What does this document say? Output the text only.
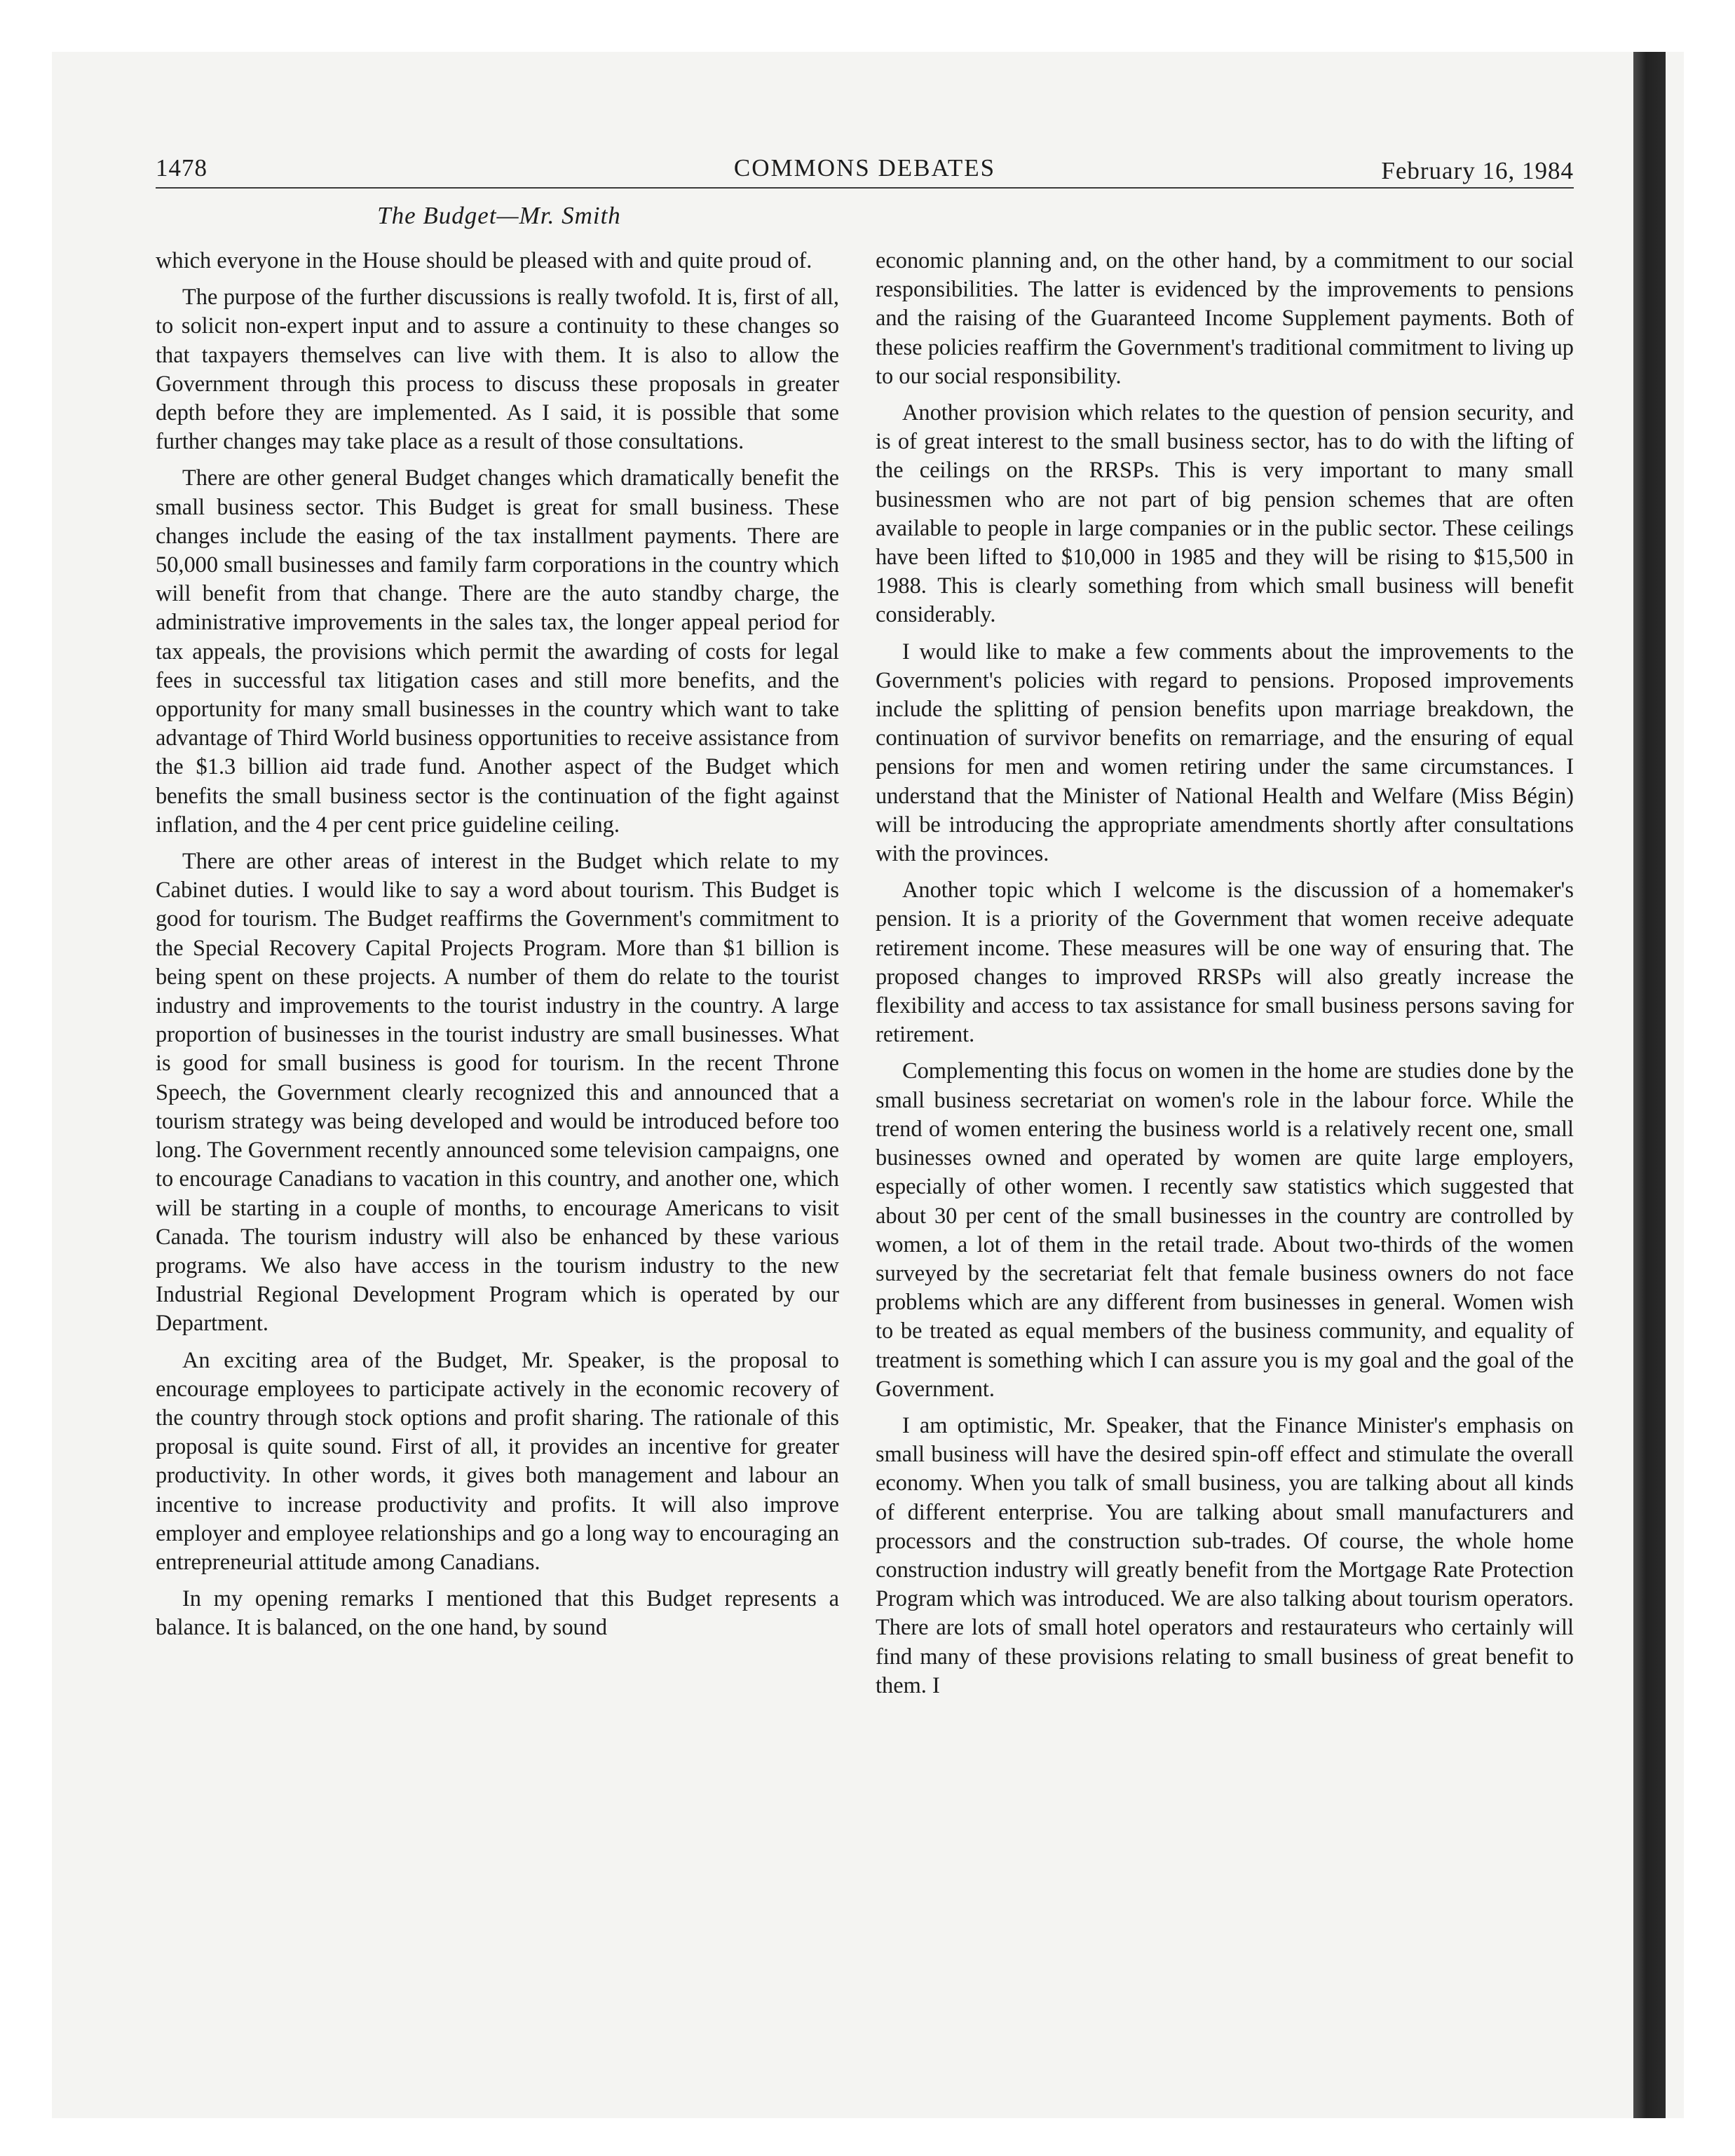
1478	COMMONS DEBATES	February 16, 1984
The Budget—Mr. Smith

which everyone in the House should be pleased with and quite proud of.

The purpose of the further discussions is really twofold. It is, first of all, to solicit non-expert input and to assure a continuity to these changes so that taxpayers themselves can live with them. It is also to allow the Government through this process to discuss these proposals in greater depth before they are implemented. As I said, it is possible that some further changes may take place as a result of those consultations.

There are other general Budget changes which dramatically benefit the small business sector. This Budget is great for small business. These changes include the easing of the tax installment payments. There are 50,000 small businesses and family farm corporations in the country which will benefit from that change. There are the auto standby charge, the administrative improvements in the sales tax, the longer appeal period for tax appeals, the provisions which permit the awarding of costs for legal fees in successful tax litigation cases and still more benefits, and the opportunity for many small businesses in the country which want to take advantage of Third World business opportunities to receive assistance from the $1.3 billion aid trade fund. Another aspect of the Budget which benefits the small business sector is the continuation of the fight against inflation, and the 4 per cent price guideline ceiling.

There are other areas of interest in the Budget which relate to my Cabinet duties. I would like to say a word about tourism. This Budget is good for tourism. The Budget reaffirms the Government's commitment to the Special Recovery Capital Projects Program. More than $1 billion is being spent on these projects. A number of them do relate to the tourist industry and improvements to the tourist industry in the country. A large proportion of businesses in the tourist industry are small businesses. What is good for small business is good for tourism. In the recent Throne Speech, the Government clearly recognized this and announced that a tourism strategy was being developed and would be introduced before too long. The Government recently announced some television campaigns, one to encourage Canadians to vacation in this country, and another one, which will be starting in a couple of months, to encourage Americans to visit Canada. The tourism industry will also be enhanced by these various programs. We also have access in the tourism industry to the new Industrial Regional Development Program which is operated by our Department.

An exciting area of the Budget, Mr. Speaker, is the proposal to encourage employees to participate actively in the economic recovery of the country through stock options and profit sharing. The rationale of this proposal is quite sound. First of all, it provides an incentive for greater productivity. In other words, it gives both management and labour an incentive to increase productivity and profits. It will also improve employer and employee relationships and go a long way to encouraging an entrepreneurial attitude among Canadians.

In my opening remarks I mentioned that this Budget represents a balance. It is balanced, on the one hand, by sound

economic planning and, on the other hand, by a commitment to our social responsibilities. The latter is evidenced by the improvements to pensions and the raising of the Guaranteed Income Supplement payments. Both of these policies reaffirm the Government's traditional commitment to living up to our social responsibility.

Another provision which relates to the question of pension security, and is of great interest to the small business sector, has to do with the lifting of the ceilings on the RRSPs. This is very important to many small businessmen who are not part of big pension schemes that are often available to people in large companies or in the public sector. These ceilings have been lifted to $10,000 in 1985 and they will be rising to $15,500 in 1988. This is clearly something from which small business will benefit considerably.

I would like to make a few comments about the improvements to the Government's policies with regard to pensions. Proposed improvements include the splitting of pension benefits upon marriage breakdown, the continuation of survivor benefits on remarriage, and the ensuring of equal pensions for men and women retiring under the same circumstances. I understand that the Minister of National Health and Welfare (Miss Bégin) will be introducing the appropriate amendments shortly after consultations with the provinces.

Another topic which I welcome is the discussion of a homemaker's pension. It is a priority of the Government that women receive adequate retirement income. These measures will be one way of ensuring that. The proposed changes to improved RRSPs will also greatly increase the flexibility and access to tax assistance for small business persons saving for retirement.

Complementing this focus on women in the home are studies done by the small business secretariat on women's role in the labour force. While the trend of women entering the business world is a relatively recent one, small businesses owned and operated by women are quite large employers, especially of other women. I recently saw statistics which suggested that about 30 per cent of the small businesses in the country are controlled by women, a lot of them in the retail trade. About two-thirds of the women surveyed by the secretariat felt that female business owners do not face problems which are any different from businesses in general. Women wish to be treated as equal members of the business community, and equality of treatment is something which I can assure you is my goal and the goal of the Government.

I am optimistic, Mr. Speaker, that the Finance Minister's emphasis on small business will have the desired spin-off effect and stimulate the overall economy. When you talk of small business, you are talking about all kinds of different enterprise. You are talking about small manufacturers and processors and the construction sub-trades. Of course, the whole home construction industry will greatly benefit from the Mortgage Rate Protection Program which was introduced. We are also talking about tourism operators. There are lots of small hotel operators and restaurateurs who certainly will find many of these provisions relating to small business of great benefit to them. I
